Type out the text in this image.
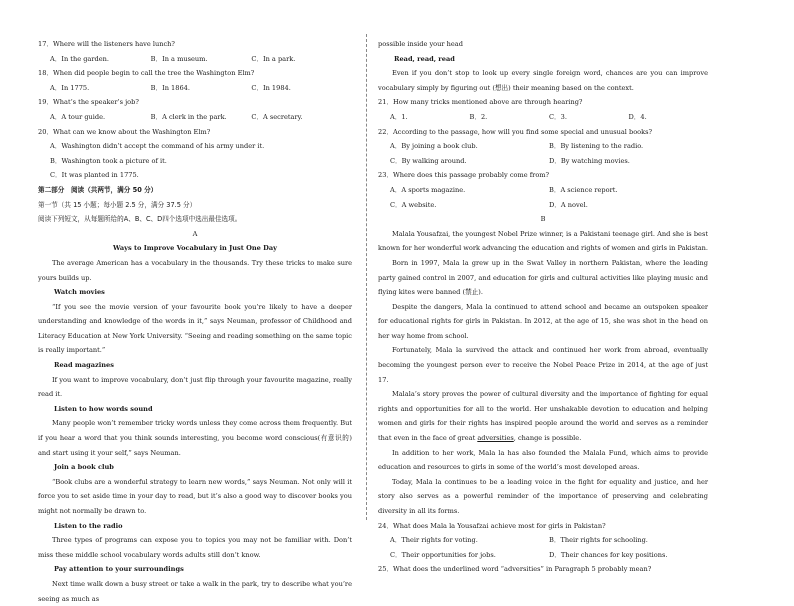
17．Where will the listeners have lunch?

A．In the garden.	B．In a museum.	C．In a park.

18．When did people begin to call the tree the Washington Elm?

A．In 1775.	B．In 1864.	C．In 1984.

19．What’s the speaker’s job?

A．A tour guide.	B．A clerk in the park.	C．A secretary.

20．What can we know about the Washington Elm?

A．Washington didn’t accept the command of his army under it.

B．Washington took a picture of it.

C．It was planted in 1775.

第二部分　阅读（共两节，满分 50 分）

第一节（共 15 小题；每小题 2.5 分，满分 37.5 分）

阅读下列短文，从每题所给的A、B、C、D四个选项中选出最佳选项。

A

Ways to Improve Vocabulary in Just One Day

The average American has a vocabulary in the thousands. Try these tricks to make sure yours builds up.

Watch movies

“If you see the movie version of your favourite book you’re likely to have a deeper understanding and knowledge of the words in it,” says Neuman, professor of Childhood and Literacy Education at New York University. “Seeing and reading something on the same topic is really important.”

Read magazines

If you want to improve vocabulary, don’t just flip through your favourite magazine, really read it.

Listen to how words sound

Many people won’t remember tricky words unless they come across them frequently. But if you hear a word that you think sounds interesting, you become word conscious(有意识的) and start using it your self,” says Neuman.

Join a book club

“Book clubs are a wonderful strategy to learn new words,” says Neuman. Not only will it force you to set aside time in your day to read, but it’s also a good way to discover books you might not normally be drawn to.

Listen to the radio

Three types of programs can expose you to topics you may not be familiar with. Don’t miss these middle school vocabulary words adults still don’t know.

Pay attention to your surroundings

Next time walk down a busy street or take a walk in the park, try to describe what you’re seeing as much as

possible inside your head

Read, read, read

Even if you don’t stop to look up every single foreign word, chances are you can improve vocabulary simply by figuring out (想出) their meaning based on the context.

21．How many tricks mentioned above are through hearing?

A．1.	B．2.	C．3.	D．4.

22．According to the passage, how will you find some special and unusual books?

A．By joining a book club.	B．By listening to the radio.
C．By walking around.	D．By watching movies.

23．Where does this passage probably come from?

A．A sports magazine.	B．A science report.
C．A website.	D．A novel.

B

Malala Yousafzai, the youngest Nobel Prize winner, is a Pakistani teenage girl. And she is best known for her wonderful work advancing the education and rights of women and girls in Pakistan.

Born in 1997, Mala la grew up in the Swat Valley in northern Pakistan, where the leading party gained control in 2007, and education for girls and cultural activities like playing music and flying kites were banned (禁止).

Despite the dangers, Mala la continued to attend school and became an outspoken speaker for educational rights for girls in Pakistan. In 2012, at the age of 15, she was shot in the head on her way home from school.

Fortunately, Mala la survived the attack and continued her work from abroad, eventually becoming the youngest person ever to receive the Nobel Peace Prize in 2014, at the age of just 17.

Malala’s story proves the power of cultural diversity and the importance of fighting for equal rights and opportunities for all to the world. Her unshakable devotion to education and helping women and girls for their rights has inspired people around the world and serves as a reminder that even in the face of great adversities, change is possible.

In addition to her work, Mala la has also founded the Malala Fund, which aims to provide education and resources to girls in some of the world’s most developed areas.

Today, Mala la continues to be a leading voice in the fight for equality and justice, and her story also serves as a powerful reminder of the importance of preserving and celebrating diversity in all its forms.

24．What does Mala la Yousafzai achieve most for girls in Pakistan?

A．Their rights for voting.	B．Their rights for schooling.
C．Their opportunities for jobs.	D．Their chances for key positions.

25．What does the underlined word “adversities” in Paragraph 5 probably mean?
